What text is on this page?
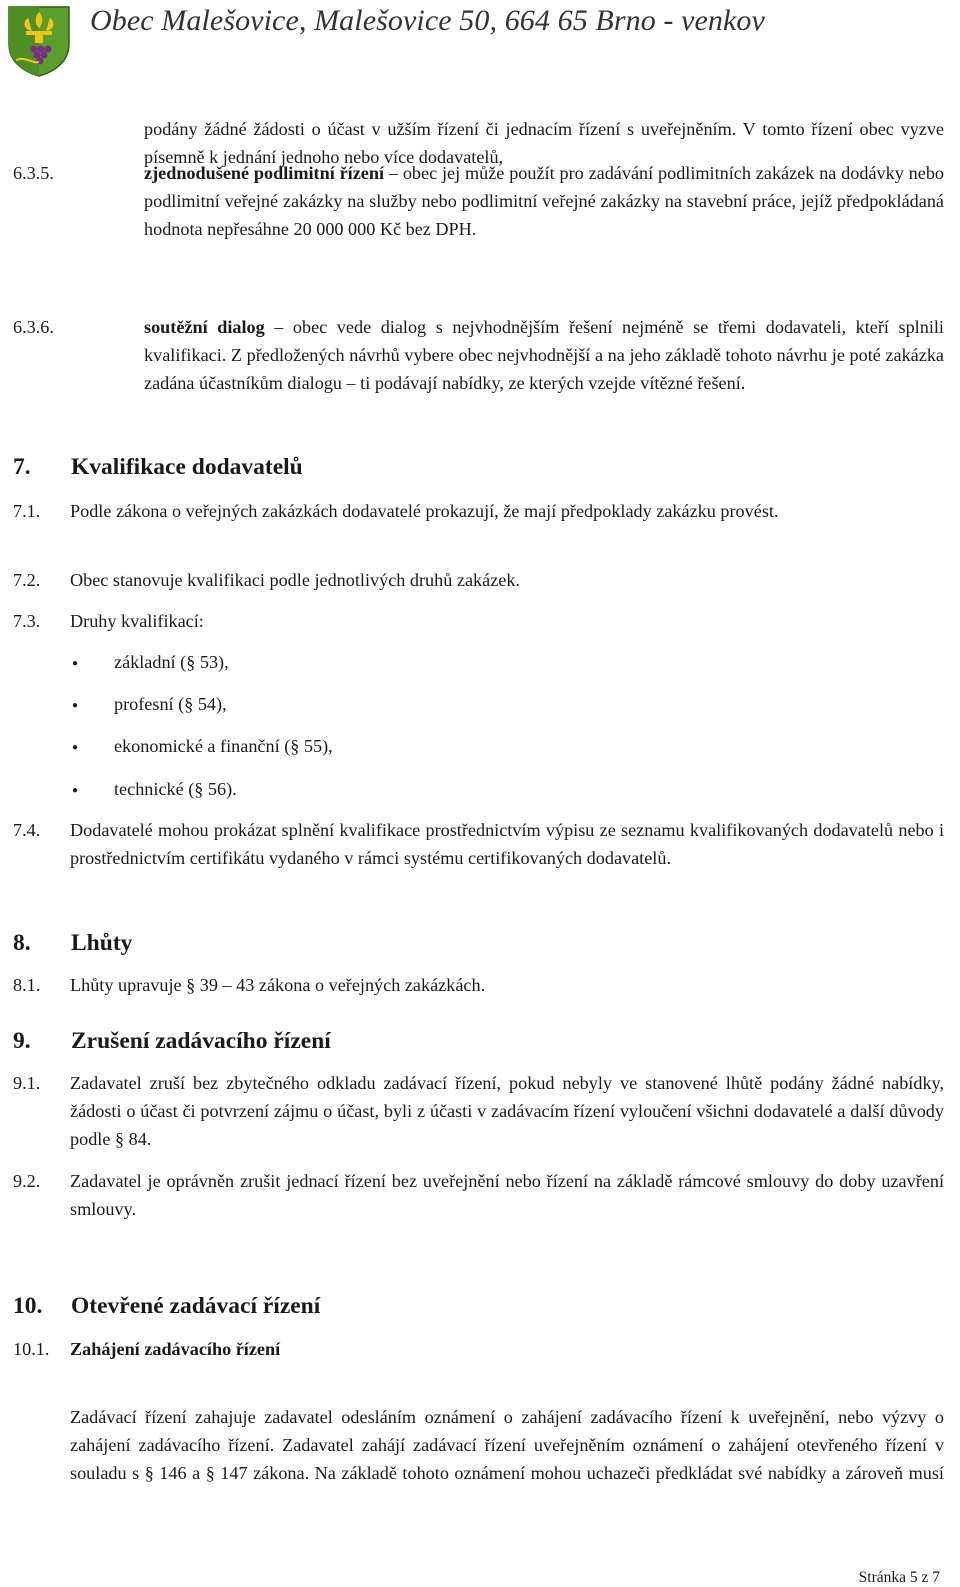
Obec Malešovice, Malešovice 50, 664 65 Brno - venkov
podány žádné žádosti o účast v užším řízení či jednacím řízení s uveřejněním. V tomto řízení obec vyzve písemně k jednání jednoho nebo více dodavatelů,
6.3.5.	zjednodušené podlimitní řízení – obec jej může použít pro zadávání podlimitních zakázek na dodávky nebo podlimitní veřejné zakázky na služby nebo podlimitní veřejné zakázky na stavební práce, jejíž předpokládaná hodnota nepřesáhne 20 000 000 Kč bez DPH.
6.3.6.	soutěžní dialog – obec vede dialog s nejvhodnějším řešení nejméně se třemi dodavateli, kteří splnili kvalifikaci. Z předložených návrhů vybere obec nejvhodnější a na jeho základě tohoto návrhu je poté zakázka zadána účastníkům dialogu – ti podávají nabídky, ze kterých vzejde vítězné řešení.
7. Kvalifikace dodavatelů
7.1. Podle zákona o veřejných zakázkách dodavatelé prokazují, že mají předpoklady zakázku provést.
7.2. Obec stanovuje kvalifikaci podle jednotlivých druhů zakázek.
7.3. Druhy kvalifikací:
● základní (§ 53),
● profesní (§ 54),
● ekonomické a finanční (§ 55),
● technické (§ 56).
7.4. Dodavatelé mohou prokázat splnění kvalifikace prostřednictvím výpisu ze seznamu kvalifikovaných dodavatelů nebo i prostřednictvím certifikátu vydaného v rámci systému certifikovaných dodavatelů.
8. Lhůty
8.1. Lhůty upravuje § 39 – 43 zákona o veřejných zakázkách.
9. Zrušení zadávacího řízení
9.1. Zadavatel zruší bez zbytečného odkladu zadávací řízení, pokud nebyly ve stanovené lhůtě podány žádné nabídky, žádosti o účast či potvrzení zájmu o účast, byli z účasti v zadávacím řízení vyloučení všichni dodavatelé a další důvody podle § 84.
9.2. Zadavatel je oprávněn zrušit jednací řízení bez uveřejnění nebo řízení na základě rámcové smlouvy do doby uzavření smlouvy.
10. Otevřené zadávací řízení
10.1. Zahájení zadávacího řízení
Zadávací řízení zahajuje zadavatel odesláním oznámení o zahájení zadávacího řízení k uveřejnění, nebo výzvy o zahájení zadávacího řízení. Zadavatel zahájí zadávací řízení uveřejněním oznámení o zahájení otevřeného řízení v souladu s § 146 a § 147 zákona. Na základě tohoto oznámení mohou uchazeči předkládat své nabídky a zároveň musí
Stránka 5 z 7
